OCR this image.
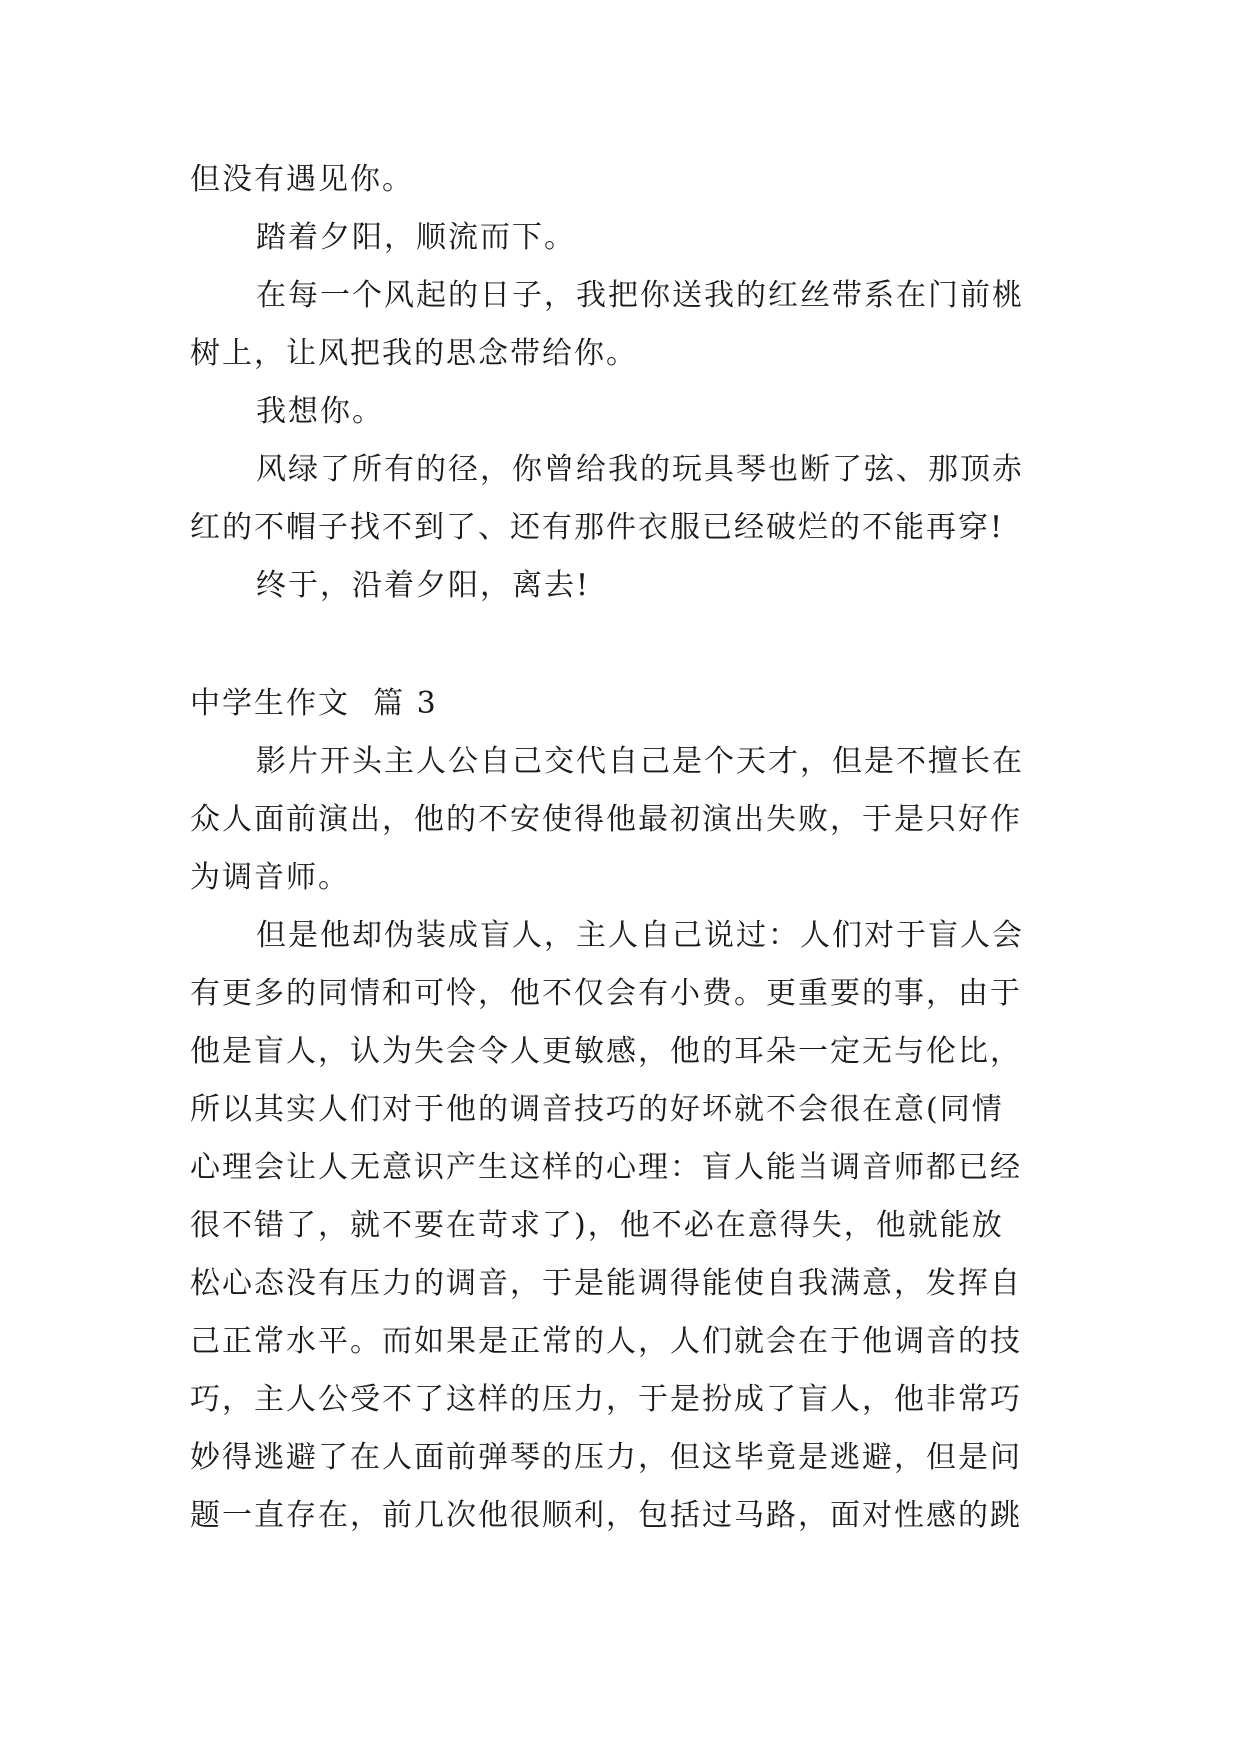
但没有遇见你。
踏着夕阳，顺流而下。
在每一个风起的日子，我把你送我的红丝带系在门前桃
树上，让风把我的思念带给你。
我想你。
风绿了所有的径，你曾给我的玩具琴也断了弦、那顶赤
红的不帽子找不到了、还有那件衣服已经破烂的不能再穿!
终于，沿着夕阳，离去!
中学生作文  篇 3
影片开头主人公自己交代自己是个天才，但是不擅长在
众人面前演出，他的不安使得他最初演出失败，于是只好作
为调音师。
但是他却伪装成盲人，主人自己说过：人们对于盲人会
有更多的同情和可怜，他不仅会有小费。更重要的事，由于
他是盲人，认为失会令人更敏感，他的耳朵一定无与伦比，
所以其实人们对于他的调音技巧的好坏就不会很在意(同情
心理会让人无意识产生这样的心理：盲人能当调音师都已经
很不错了，就不要在苛求了)，他不必在意得失，他就能放
松心态没有压力的调音，于是能调得能使自我满意，发挥自
己正常水平。而如果是正常的人，人们就会在于他调音的技
巧，主人公受不了这样的压力，于是扮成了盲人，他非常巧
妙得逃避了在人面前弹琴的压力，但这毕竟是逃避，但是问
题一直存在，前几次他很顺利，包括过马路，面对性感的跳
